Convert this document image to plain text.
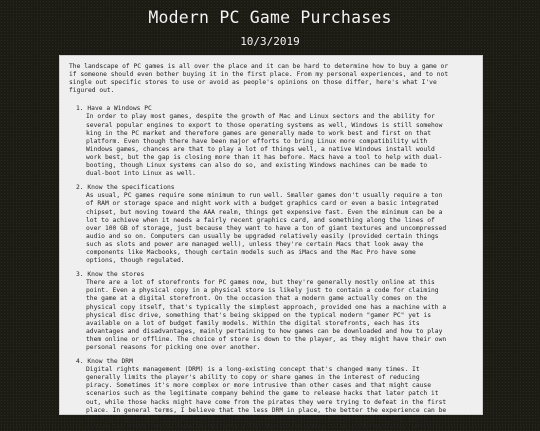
Modern PC Game Purchases
10/3/2019

The landscape of PC games is all over the place and it can be hard to determine how to buy a game or
if someone should even bother buying it in the first place. From my personal experiences, and to not
single out specific stores to use or avoid as people's opinions on those differ, here's what I've
figured out.

1. Have a Windows PC

In order to play most games, despite the growth of Mac and Linux sectors and the ability for
several popular engines to export to those operating systems as well, Windows is still somehow
king in the PC market and therefore games are generally made to work best and first on that
platform. Even though there have been major efforts to bring Linux more compatibility with
Windows games, chances are that to play a lot of things well, a native Windows install would
work best, but the gap is closing more than it has before. Macs have a tool to help with dual-
booting, though Linux systems can also do so, and existing Windows machines can be made to
dual-boot into Linux as well.

2. Know the specifications

As usual, PC games require some minimum to run well. Smaller games don't usually require a ton
of RAM or storage space and might work with a budget graphics card or even a basic integrated
chipset, but moving toward the AAA realm, things get expensive fast. Even the minimum can be a
lot to achieve when it needs a fairly recent graphics card, and something along the lines of
over 100 GB of storage, just because they want to have a ton of giant textures and uncompressed
audio and so on. Computers can usually be upgraded relatively easily (provided certain things
such as slots and power are managed well), unless they're certain Macs that look away the
components like Macbooks, though certain models such as iMacs and the Mac Pro have some
options, though regulated.

3. Know the stores

There are a lot of storefronts for PC games now, but they're generally mostly online at this
point. Even a physical copy in a physical store is likely just to contain a code for claiming
the game at a digital storefront. On the occasion that a modern game actually comes on the
physical copy itself, that's typically the simplest approach, provided one has a machine with a
physical disc drive, something that's being skipped on the typical modern "gamer PC" yet is
available on a lot of budget family models. Within the digital storefronts, each has its
advantages and disadvantages, mainly pertaining to how games can be downloaded and how to play
them online or offline. The choice of store is down to the player, as they might have their own
personal reasons for picking one over another.

4. Know the DRM

Digital rights management (DRM) is a long-existing concept that's changed many times. It
generally limits the player's ability to copy or share games in the interest of reducing
piracy. Sometimes it's more complex or more intrusive than other cases and that might cause
scenarios such as the legitimate company behind the game to release hacks that later patch it
out, while those hacks might have come from the pirates they were trying to defeat in the first
place. In general terms, I believe that the less DRM in place, the better the experience can be
for the player, but generally most storefronts use some minimal DRM at least to keep games
inside the storefronts. Some storefronts allow downloaded games to skip DRM entirely, which
